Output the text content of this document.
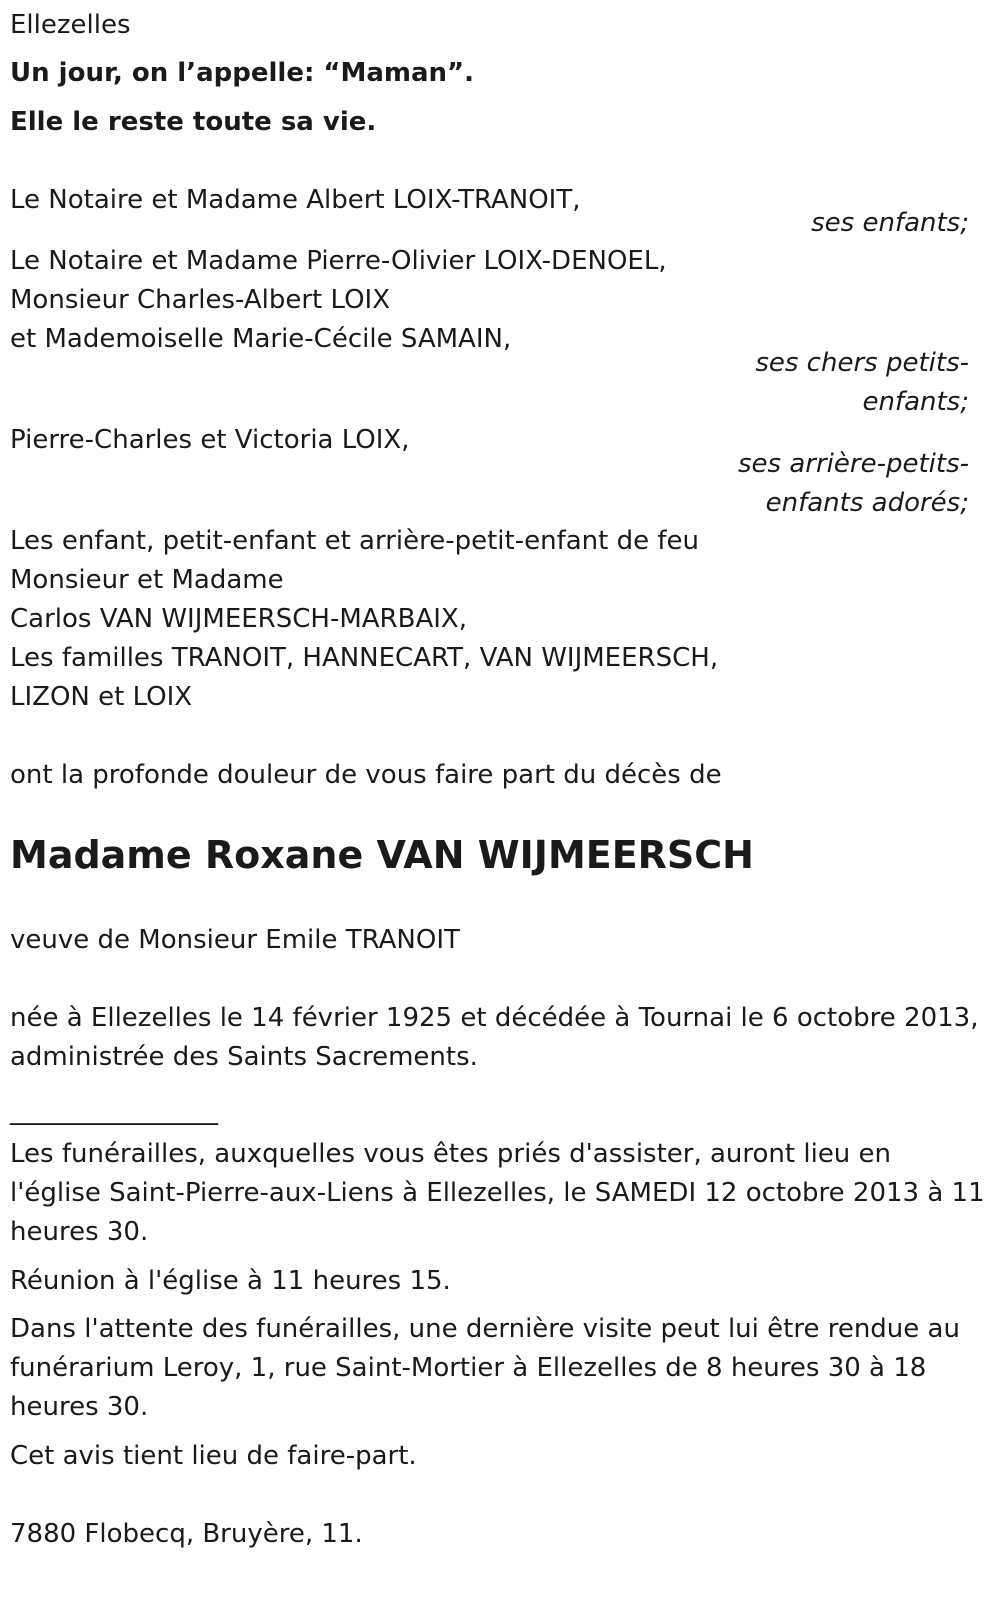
Ellezelles
Un jour, on l’appelle: “Maman”.
Elle le reste toute sa vie.
Le Notaire et Madame Albert LOIX-TRANOIT,
ses enfants;
Le Notaire et Madame Pierre-Olivier LOIX-DENOEL,
Monsieur Charles-Albert LOIX
et Mademoiselle Marie-Cécile SAMAIN,
ses chers petits-
enfants;
Pierre-Charles et Victoria LOIX,
ses arrière-petits-
enfants adorés;
Les enfant, petit-enfant et arrière-petit-enfant de feu
Monsieur et Madame
Carlos VAN WIJMEERSCH-MARBAIX,
Les familles TRANOIT, HANNECART, VAN WIJMEERSCH,
LIZON et LOIX
ont la profonde douleur de vous faire part du décès de
Madame Roxane VAN WIJMEERSCH
veuve de Monsieur Emile TRANOIT
née à Ellezelles le 14 février 1925 et décédée à Tournai le 6 octobre 2013,
administrée des Saints Sacrements.
________________
Les funérailles, auxquelles vous êtes priés d'assister, auront lieu en
l'église Saint-Pierre-aux-Liens à Ellezelles, le SAMEDI 12 octobre 2013 à 11
heures 30.
Réunion à l'église à 11 heures 15.
Dans l'attente des funérailles, une dernière visite peut lui être rendue au
funérarium Leroy, 1, rue Saint-Mortier à Ellezelles de 8 heures 30 à 18
heures 30.
Cet avis tient lieu de faire-part.
7880 Flobecq, Bruyère, 11.
